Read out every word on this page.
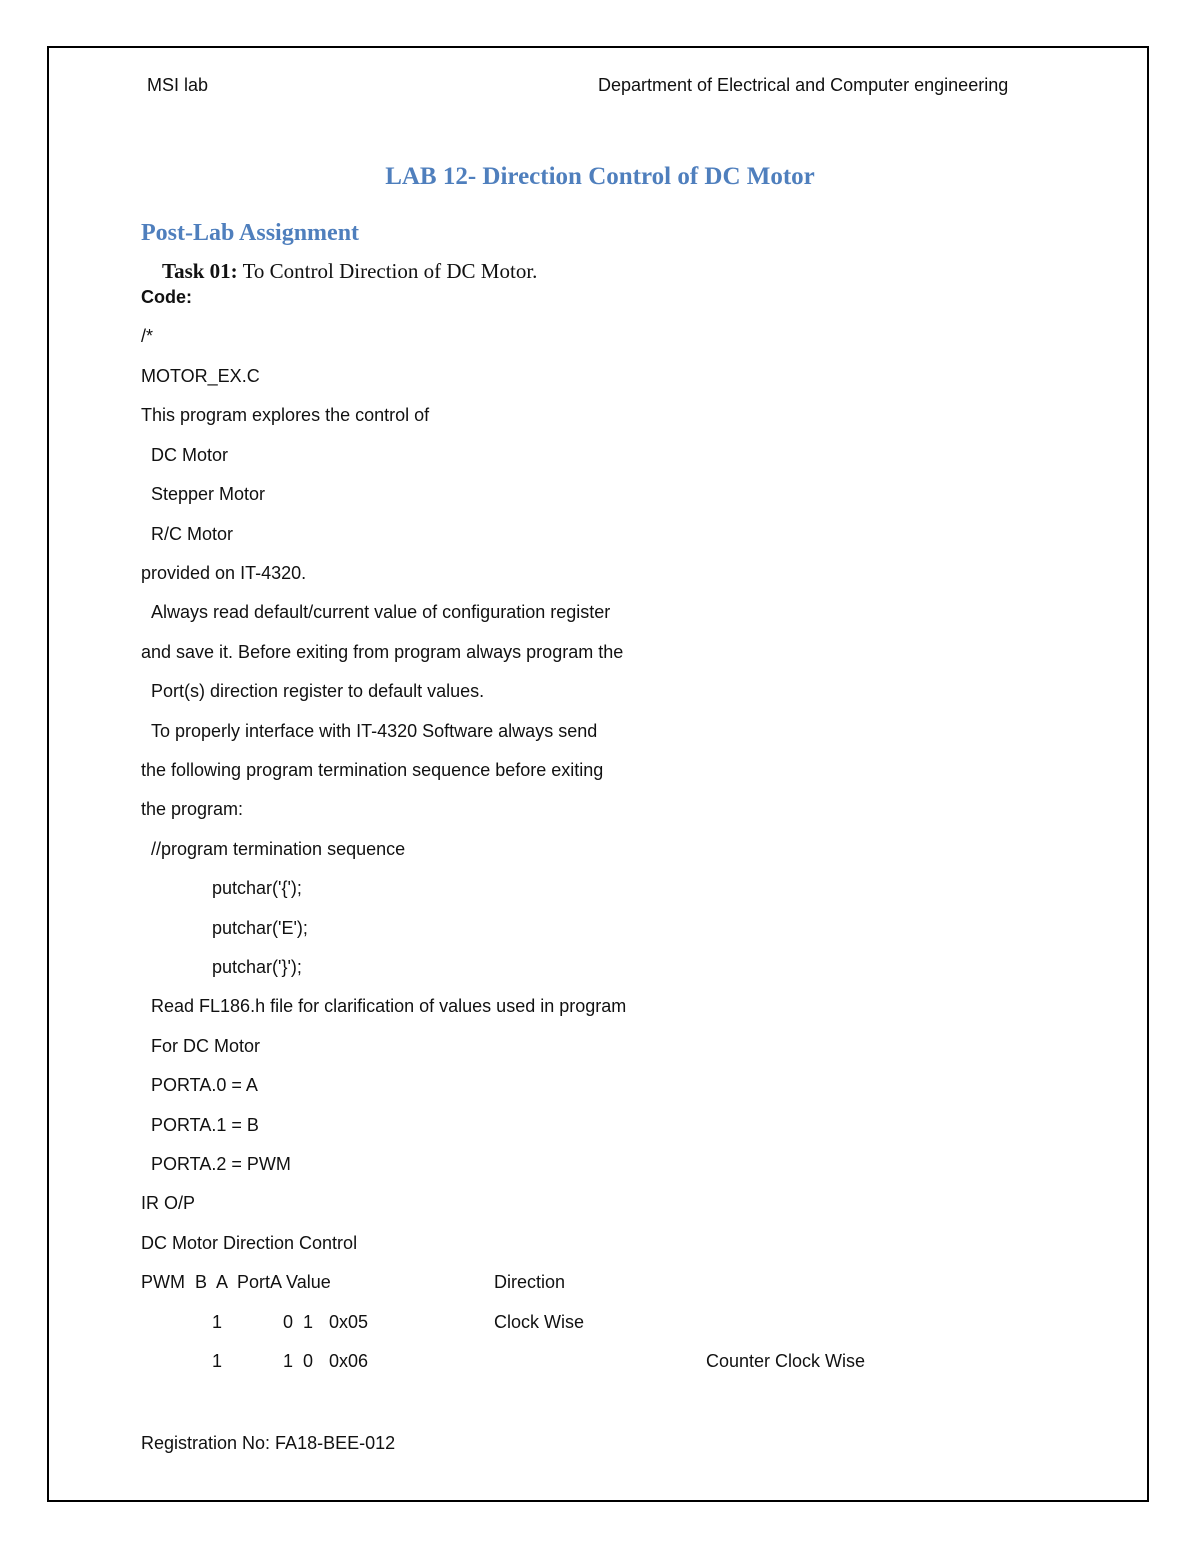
MSI lab	Department of Electrical and Computer engineering
LAB 12- Direction Control of DC Motor
Post-Lab Assignment
Task 01: To Control Direction of DC Motor.
Code:
/*
MOTOR_EX.C
This program explores the control of
DC Motor
Stepper Motor
R/C Motor
provided on IT-4320.
Always read default/current value of configuration register
and save it. Before exiting from program always program the
Port(s) direction register to default values.
To properly interface with IT-4320 Software always send
the following program termination sequence before exiting
the program:
//program termination sequence
putchar('{');
putchar('E');
putchar('}');
Read FL186.h file for clarification of values used in program
For DC Motor
PORTA.0 = A
PORTA.1 = B
PORTA.2 = PWM
IR O/P
DC Motor Direction Control
PWM  B  A  PortA Value	Direction
1	0  1 0x05	Clock Wise
1	1  0 0x06	Counter Clock Wise
Registration No: FA18-BEE-012
